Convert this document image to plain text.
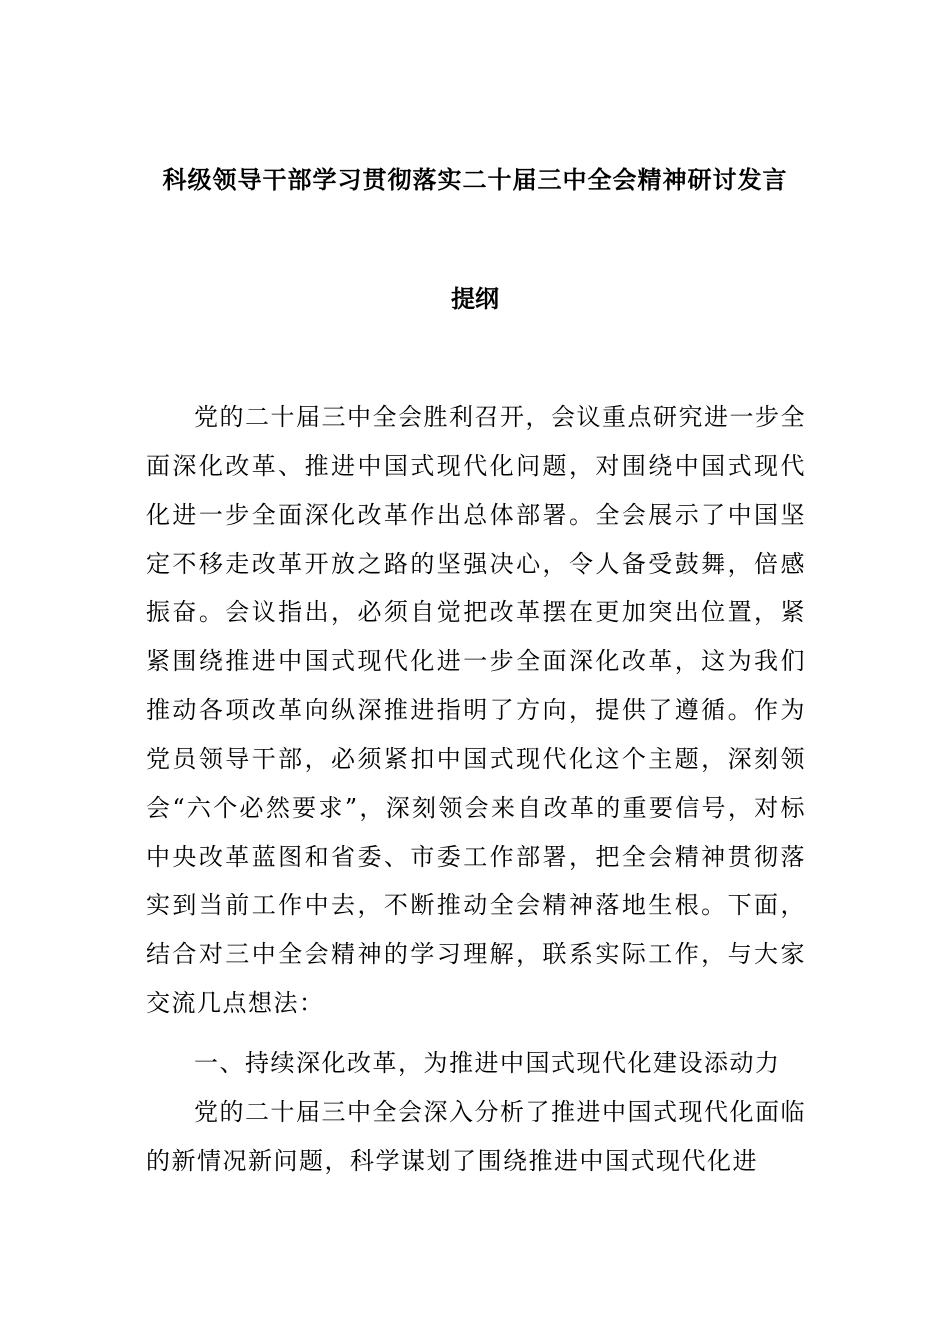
科级领导干部学习贯彻落实二十届三中全会精神研讨发言
提纲

党的二十届三中全会胜利召开，会议重点研究进一步全面深化改革、推进中国式现代化问题，对围绕中国式现代化进一步全面深化改革作出总体部署。全会展示了中国坚定不移走改革开放之路的坚强决心，令人备受鼓舞，倍感振奋。会议指出，必须自觉把改革摆在更加突出位置，紧紧围绕推进中国式现代化进一步全面深化改革，这为我们推动各项改革向纵深推进指明了方向，提供了遵循。作为党员领导干部，必须紧扣中国式现代化这个主题，深刻领会“六个必然要求”，深刻领会来自改革的重要信号，对标中央改革蓝图和省委、市委工作部署，把全会精神贯彻落实到当前工作中去，不断推动全会精神落地生根。下面，结合对三中全会精神的学习理解，联系实际工作，与大家交流几点想法：

一、持续深化改革，为推进中国式现代化建设添动力

党的二十届三中全会深入分析了推进中国式现代化面临的新情况新问题，科学谋划了围绕推进中国式现代化进
